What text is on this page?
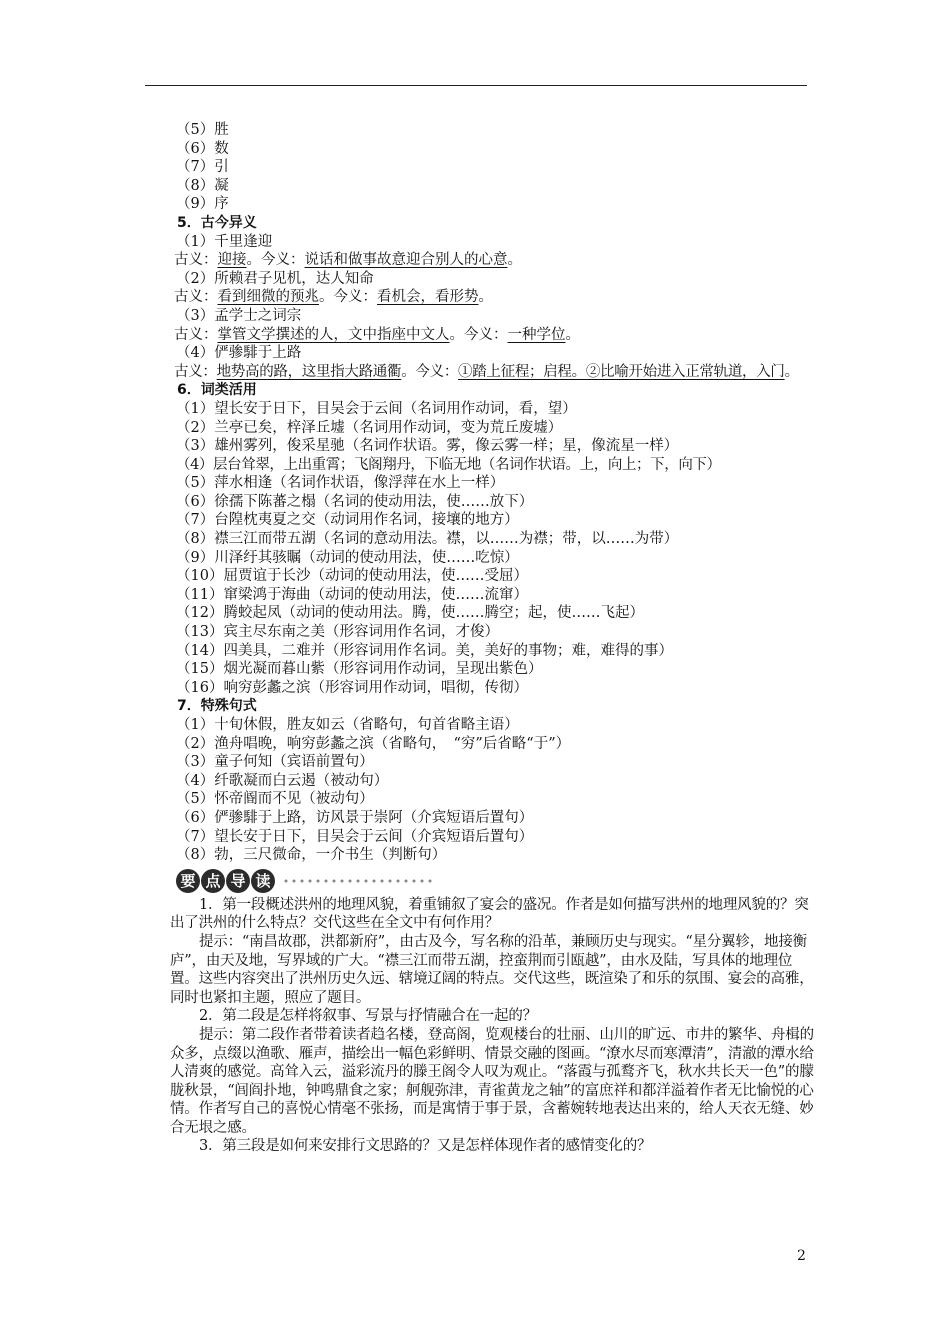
（5）胜
（6）数
（7）引
（8）凝
（9）序
5．古今异义
（1）千里逢迎
古义：迎接。今义：说话和做事故意迎合别人的心意。
（2）所赖君子见机，达人知命
古义：看到细微的预兆。今义：看机会，看形势。
（3）孟学士之词宗
古义：掌管文学撰述的人，文中指座中文人。今义：一种学位。
（4）俨骖騑于上路
古义：地势高的路，这里指大路通衢。今义：①踏上征程；启程。②比喻开始进入正常轨道，入门。
6．词类活用
（1）望长安于日下，目吴会于云间（名词用作动词，看，望）
（2）兰亭已矣，梓泽丘墟（名词用作动词，变为荒丘废墟）
（3）雄州雾列，俊采星驰（名词作状语。雾，像云雾一样；星，像流星一样）
（4）层台耸翠，上出重霄；飞阁翔丹，下临无地（名词作状语。上，向上；下，向下）
（5）萍水相逢（名词作状语，像浮萍在水上一样）
（6）徐孺下陈蕃之榻（名词的使动用法，使……放下）
（7）台隍枕夷夏之交（动词用作名词，接壤的地方）
（8）襟三江而带五湖（名词的意动用法。襟，以……为襟；带，以……为带）
（9）川泽纡其骇瞩（动词的使动用法，使……吃惊）
（10）屈贾谊于长沙（动词的使动用法，使……受屈）
（11）窜梁鸿于海曲（动词的使动用法，使……流窜）
（12）腾蛟起凤（动词的使动用法。腾，使……腾空；起，使……飞起）
（13）宾主尽东南之美（形容词用作名词，才俊）
（14）四美具，二难并（形容词用作名词。美，美好的事物；难，难得的事）
（15）烟光凝而暮山紫（形容词用作动词，呈现出紫色）
（16）响穷彭蠡之滨（形容词用作动词，唱彻，传彻）
7．特殊句式
（1）十旬休假，胜友如云（省略句，句首省略主语）
（2）渔舟唱晚，响穷彭蠡之滨（省略句，　“穷”后省略“于”）
（3）童子何知（宾语前置句）
（4）纤歌凝而白云遏（被动句）
（5）怀帝阍而不见（被动句）
（6）俨骖騑于上路，访风景于崇阿（介宾短语后置句）
（7）望长安于日下，目吴会于云间（介宾短语后置句）
（8）勃，三尺微命，一介书生（判断句）
要 点 导 读

1．第一段概述洪州的地理风貌，着重铺叙了宴会的盛况。作者是如何描写洪州的地理风貌的？突出了洪州的什么特点？交代这些在全文中有何作用？

提示：“南昌故郡，洪都新府”，由古及今，写名称的沿革，兼顾历史与现实。“星分翼轸，地接衡庐”，由天及地，写界域的广大。“襟三江而带五湖，控蛮荆而引瓯越”，由水及陆，写具体的地理位置。这些内容突出了洪州历史久远、辖境辽阔的特点。交代这些，既渲染了和乐的氛围、宴会的高雅，同时也紧扣主题，照应了题目。

2．第二段是怎样将叙事、写景与抒情融合在一起的？

提示：第二段作者带着读者趋名楼，登高阁，览观楼台的壮丽、山川的旷远、市井的繁华、舟楫的众多，点缀以渔歌、雁声，描绘出一幅色彩鲜明、情景交融的图画。“潦水尽而寒潭清”，清澈的潭水给人清爽的感觉。高耸入云，溢彩流丹的滕王阁令人叹为观止。“落霞与孤鹜齐飞，秋水共长天一色”的朦胧秋景，“闾阎扑地，钟鸣鼎食之家；舸舰弥津，青雀黄龙之轴”的富庶祥和都洋溢着作者无比愉悦的心情。作者写自己的喜悦心情毫不张扬，而是寓情于事于景，含蓄婉转地表达出来的，给人天衣无缝、妙合无垠之感。

3．第三段是如何来安排行文思路的？又是怎样体现作者的感情变化的？

2
